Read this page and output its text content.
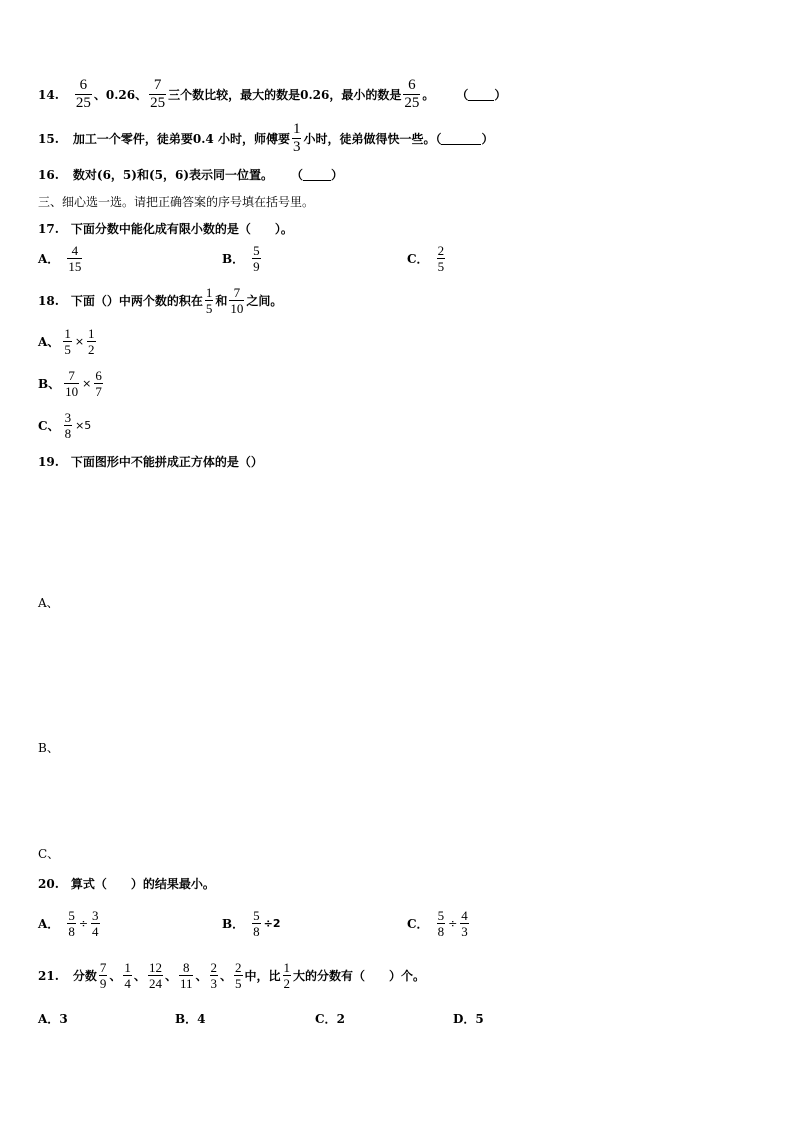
14. $\frac{6}{25}$ 、0.26、 $\frac{7}{25}$ 三个数比较，最大的数是0.26，最小的数是 $\frac{6}{25}$ 。 （ ）
15. 加工一个零件，徒弟要0.4 小时，师傅要 $\frac{1}{3}$ 小时，徒弟做得快一些。（	）
16. 数对(6，5)和(5，6)表示同一位置。 （ ）
三、细心选一选。请把正确答案的序号填在括号里。
17.　下面分数中能化成有限小数的是（　　）。
A． $\frac{4}{15}$	B． $\frac{5}{9}$	C． $\frac{2}{5}$
18.　下面（）中两个数的积在 $\frac{1}{5}$ 和 $\frac{7}{10}$ 之间。
A、 $\frac{1}{5} \times \frac{1}{2}$
B、 $\frac{7}{10} \times \frac{6}{7}$
C、 $\frac{3}{8} \times 5$
19.　下面图形中不能拼成正方体的是（）
A、
B、
C、
20.　算式（　　）的结果最小。
A． $\frac{5}{8} \div \frac{3}{4}$	B． $\frac{5}{8} \div 2$	C． $\frac{5}{8} \div \frac{4}{3}$
21. 分数 $\frac{7}{9}$ 、 $\frac{1}{4}$ 、 $\frac{12}{24}$ 、 $\frac{8}{11}$ 、 $\frac{2}{3}$ 、 $\frac{2}{5}$ 中，比 $\frac{1}{2}$ 大的分数有（　　）个。
A． 3	B． 4	C． 2	D． 5
